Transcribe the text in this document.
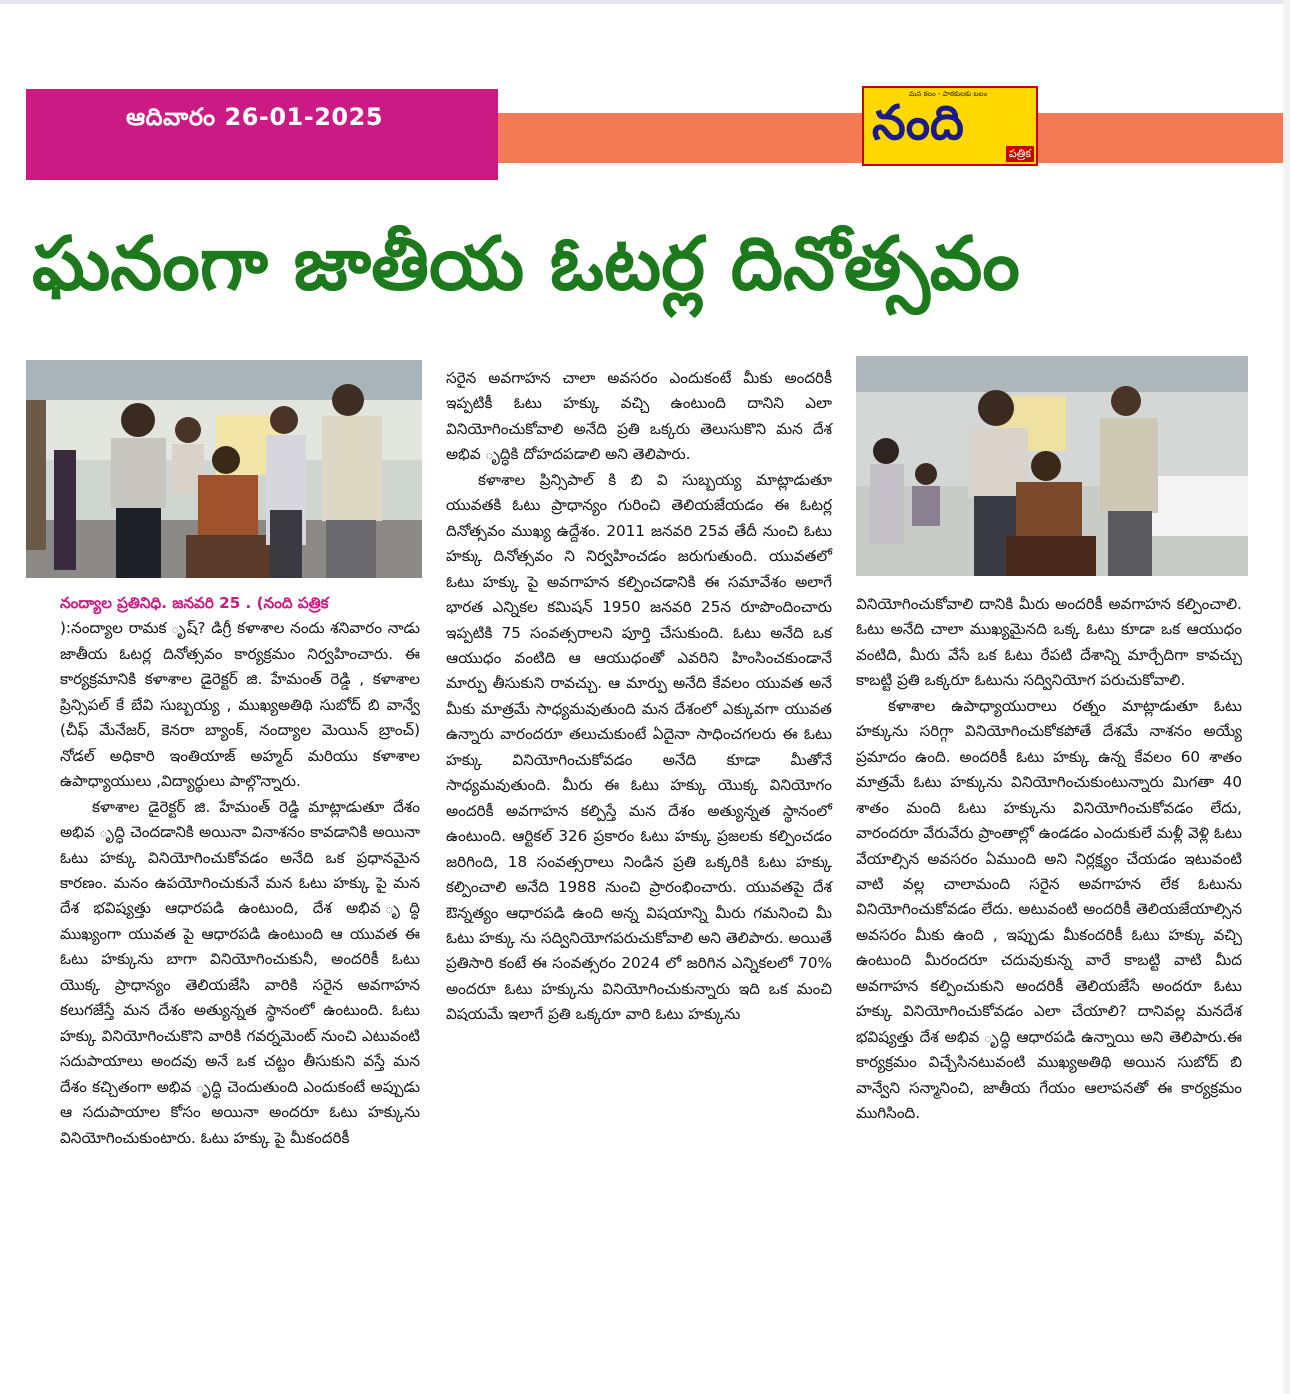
ఆదివారం 26-01-2025
మన కలం - పాఠకులకు బలం
నంది
పత్రిక
ఘనంగా జాతీయ ఓటర్ల దినోత్సవం

నంద్యాల ప్రతినిధి. జనవరి 25 . (నంది పత్రిక

):నంద్యాల రామక ృష్? డిగ్రీ కళాశాల నందు శనివారం నాడు జాతీయ ఓటర్ల దినోత్సవం కార్యక్రమం నిర్వహించారు. ఈ కార్యక్రమానికి కళాశాల డైరెక్టర్ జి. హేమంత్ రెడ్డి , కళాశాల ప్రిన్సిపల్ కే బేవి సుబ్బయ్య , ముఖ్యఅతిథి సుబోద్ బి వాన్వే (చీఫ్ మేనేజర్, కెనరా బ్యాంక్, నంద్యాల మెయిన్ బ్రాంచ్) నోడల్ అధికారి ఇంతియాజ్ అహ్మద్ మరియు కళాశాల ఉపాధ్యాయులు ,విద్యార్థులు పాల్గొన్నారు.

కళాశాల డైరెక్టర్ జి. హేమంత్ రెడ్డి మాట్లాడుతూ దేశం అభివ ృద్ధి చెందడానికి అయినా వినాశనం కావడానికి అయినా ఓటు హక్కు వినియోగించుకోవడం అనేది ఒక ప్రధానమైన కారణం. మనం ఉపయోగించుకునే మన ఓటు హక్కు పై మన దేశ భవిష్యత్తు ఆధారపడి ఉంటుంది, దేశ అభివ ృద్ధి ముఖ్యంగా యువత పై ఆధారపడి ఉంటుంది ఆ యువత ఈ ఓటు హక్కును బాగా వినియోగించుకునీ, అందరికీ ఓటు యొక్క ప్రాధాన్యం తెలియజేసి వారికి సరైన అవగాహన కలుగజేస్తే మన దేశం అత్యున్నత స్థానంలో ఉంటుంది. ఓటు హక్కు వినియోగించుకొని వారికి గవర్నమెంట్ నుంచి ఎటువంటి సదుపాయాలు అందవు అనే ఒక చట్టం తీసుకుని వస్తే మన దేశం కచ్చితంగా అభివ ృద్ధి చెందుతుంది ఎందుకంటే అప్పుడు ఆ సదుపాయాల కోసం అయినా అందరూ ఓటు హక్కును వినియోగించుకుంటారు. ఓటు హక్కు పై మీకందరికీ

సరైన అవగాహన చాలా అవసరం ఎందుకంటే మీకు అందరికీ ఇప్పటికీ ఓటు హక్కు వచ్చి ఉంటుంది దానిని ఎలా వినియోగించుకోవాలి అనేది ప్రతి ఒక్కరు తెలుసుకొని మన దేశ అభివ ృద్ధికి దోహదపడాలి అని తెలిపారు.

కళాశాల ప్రిన్సిపాల్ కి బి వి సుబ్బయ్య మాట్లాడుతూ యువతకి ఓటు ప్రాధాన్యం గురించి తెలియజేయడం ఈ ఓటర్ల దినోత్సవం ముఖ్య ఉద్దేశం. 2011 జనవరి 25వ తేదీ నుంచి ఓటు హక్కు దినోత్సవం ని నిర్వహించడం జరుగుతుంది. యువతలో ఓటు హక్కు పై అవగాహన కల్పించడానికి ఈ సమావేశం అలాగే భారత ఎన్నికల కమిషన్ 1950 జనవరి 25న రూపొందించారు ఇప్పటికి 75 సంవత్సరాలని పూర్తి చేసుకుంది. ఓటు అనేది ఒక ఆయుధం వంటిది ఆ ఆయుధంతో ఎవరిని హింసించకుండానే మార్పు తీసుకుని రావచ్చు. ఆ మార్పు అనేది కేవలం యువత అనే మీకు మాత్రమే సాధ్యమవుతుంది మన దేశంలో ఎక్కువగా యువత ఉన్నారు వారందరూ తలుచుకుంటే ఏదైనా సాధించగలరు ఈ ఓటు హక్కు వినియోగించుకోవడం అనేది కూడా మీతోనే సాధ్యమవుతుంది. మీరు ఈ ఓటు హక్కు యొక్క వినియోగం అందరికీ అవగాహన కల్పిస్తే మన దేశం అత్యున్నత స్థానంలో ఉంటుంది. ఆర్టికల్ 326 ప్రకారం ఓటు హక్కు ప్రజలకు కల్పించడం జరిగింది, 18 సంవత్సరాలు నిండిన ప్రతి ఒక్కరికి ఓటు హక్కు కల్పించాలి అనేది 1988 నుంచి ప్రారంభించారు. యువతపై దేశ ఔన్నత్యం ఆధారపడి ఉంది అన్న విషయాన్ని మీరు గమనించి మీ ఓటు హక్కు ను సద్వినియోగపరుచుకోవాలి అని తెలిపారు. అయితే ప్రతిసారి కంటే ఈ సంవత్సరం 2024 లో జరిగిన ఎన్నికలలో 70% అందరూ ఓటు హక్కును వినియోగించుకున్నారు ఇది ఒక మంచి విషయమే ఇలాగే ప్రతి ఒక్కరూ వారి ఓటు హక్కును

వినియోగించుకోవాలి దానికి మీరు అందరికీ అవగాహన కల్పించాలి. ఓటు అనేది చాలా ముఖ్యమైనది ఒక్క ఓటు కూడా ఒక ఆయుధం వంటిది, మీరు వేసే ఒక ఓటు రేపటి దేశాన్ని మార్చేదిగా కావచ్చు కాబట్టి ప్రతి ఒక్కరూ ఓటును సద్వినియోగ పరుచుకోవాలి.

కళాశాల ఉపాధ్యాయురాలు రత్నం మాట్లాడుతూ ఓటు హక్కును సరిగ్గా వినియోగించుకోకపోతే దేశమే నాశనం అయ్యే ప్రమాదం ఉంది. అందరికీ ఓటు హక్కు ఉన్న కేవలం 60 శాతం మాత్రమే ఓటు హక్కును వినియోగించుకుంటున్నారు మిగతా 40 శాతం మంది ఓటు హక్కును వినియోగించుకోవడం లేదు, వారందరూ వేరువేరు ప్రాంతాల్లో ఉండడం ఎందుకులే మళ్లీ వెళ్లి ఓటు వేయాల్సిన అవసరం ఏముంది అని నిర్లక్ష్యం చేయడం ఇటువంటి వాటి వల్ల చాలామంది సరైన అవగాహన లేక ఓటును వినియోగించుకోవడం లేదు. అటువంటి అందరికీ తెలియజేయాల్సిన అవసరం మీకు ఉంది , ఇప్పుడు మీకందరికీ ఓటు హక్కు వచ్చి ఉంటుంది మీరందరూ చదువుకున్న వారే కాబట్టి వాటి మీద అవగాహన కల్పించుకుని అందరికీ తెలియజేసే అందరూ ఓటు హక్కు వినియోగించుకోవడం ఎలా చేయాలి? దానివల్ల మనదేశ భవిష్యత్తు దేశ అభివ ృద్ధి ఆధారపడి ఉన్నాయి అని తెలిపారు.ఈ కార్యక్రమం విచ్చేసినటువంటి ముఖ్యఅతిథి అయిన సుబోద్ బి వాన్వేని సన్మానించి, జాతీయ గేయం ఆలాపనతో ఈ కార్యక్రమం ముగిసింది.
